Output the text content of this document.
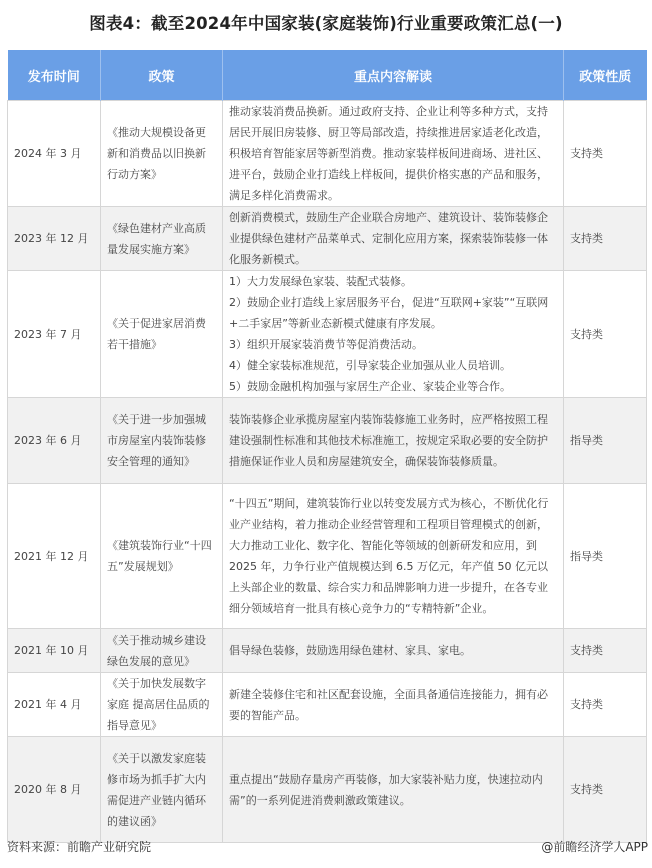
图表4：截至2024年中国家装(家庭装饰)行业重要政策汇总(一)
发布时间	政策	重点内容解读	政策性质
2024 年 3 月	《推动大规模设备更新和消费品以旧换新行动方案》	推动家装消费品换新。通过政府支持、企业让利等多种方式，支持居民开展旧房装修、厨卫等局部改造，持续推进居家适老化改造，积极培育智能家居等新型消费。推动家装样板间进商场、进社区、进平台，鼓励企业打造线上样板间，提供价格实惠的产品和服务，满足多样化消费需求。	支持类
2023 年 12 月	《绿色建材产业高质量发展实施方案》	创新消费模式，鼓励生产企业联合房地产、建筑设计、装饰装修企业提供绿色建材产品菜单式、定制化应用方案，探索装饰装修一体化服务新模式。	支持类
2023 年 7 月	《关于促进家居消费若干措施》	1）大力发展绿色家装、装配式装修。
2）鼓励企业打造线上家居服务平台，促进“互联网+家装”“互联网+二手家居”等新业态新模式健康有序发展。
3）组织开展家装消费节等促消费活动。
4）健全家装标准规范，引导家装企业加强从业人员培训。
5）鼓励金融机构加强与家居生产企业、家装企业等合作。	支持类
2023 年 6 月	《关于进一步加强城市房屋室内装饰装修安全管理的通知》	装饰装修企业承揽房屋室内装饰装修施工业务时，应严格按照工程建设强制性标准和其他技术标准施工，按规定采取必要的安全防护措施保证作业人员和房屋建筑安全，确保装饰装修质量。	指导类
2021 年 12 月	《建筑装饰行业“十四五”发展规划》	“十四五”期间，建筑装饰行业以转变发展方式为核心，不断优化行业产业结构，着力推动企业经营管理和工程项目管理模式的创新，大力推动工业化、数字化、智能化等领域的创新研发和应用，到 2025 年，力争行业产值规模达到 6.5 万亿元，年产值 50 亿元以上头部企业的数量、综合实力和品牌影响力进一步提升，在各专业细分领域培育一批具有核心竞争力的“专精特新”企业。	指导类
2021 年 10 月	《关于推动城乡建设绿色发展的意见》	倡导绿色装修，鼓励选用绿色建材、家具、家电。	支持类
2021 年 4 月	《关于加快发展数字家庭 提高居住品质的指导意见》	新建全装修住宅和社区配套设施，全面具备通信连接能力，拥有必要的智能产品。	支持类
2020 年 8 月	《关于以激发家庭装修市场为抓手扩大内需促进产业链内循环的建议函》	重点提出“鼓励存量房产再装修，加大家装补贴力度，快速拉动内需”的一系列促进消费刺激政策建议。	支持类
资料来源：前瞻产业研究院	@前瞻经济学人APP
